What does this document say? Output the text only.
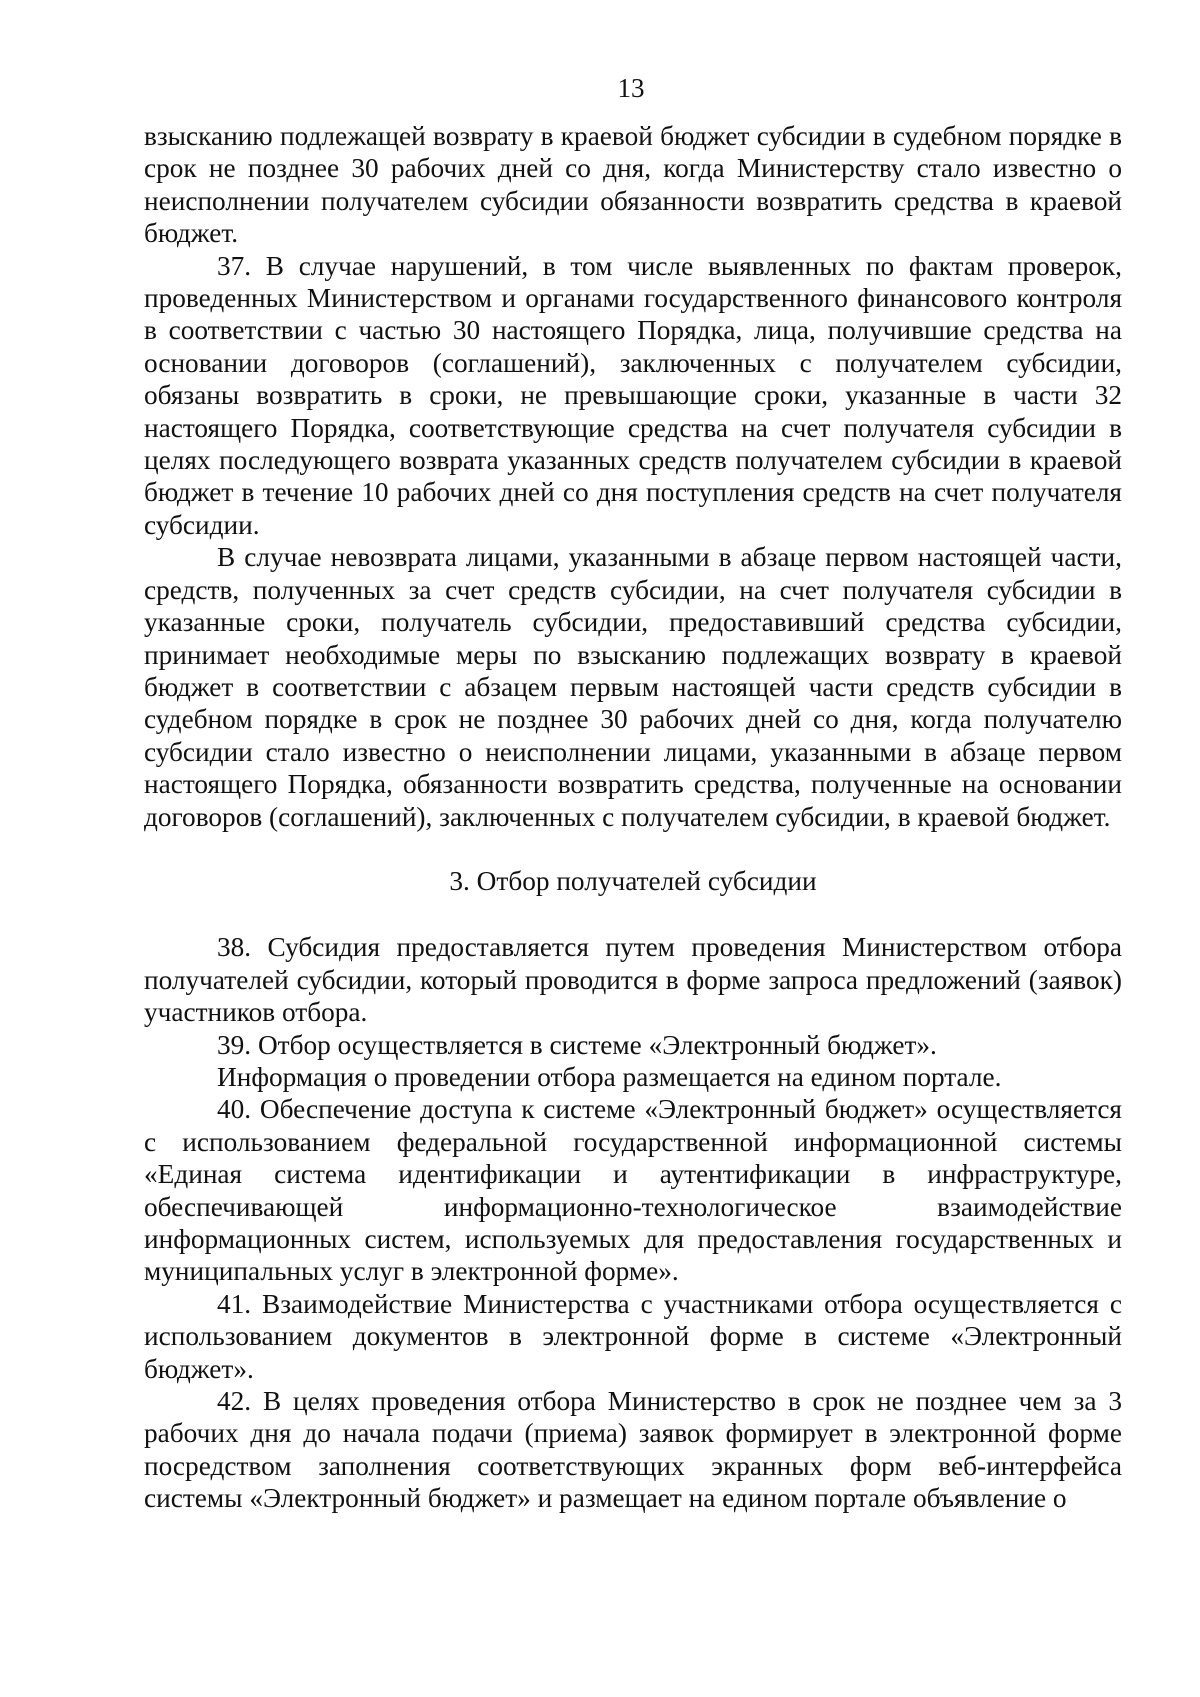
13

взысканию подлежащей возврату в краевой бюджет субсидии в судебном порядке в срок не позднее 30 рабочих дней со дня, когда Министерству стало известно о неисполнении получателем субсидии обязанности возвратить средства в краевой бюджет.

37. В случае нарушений, в том числе выявленных по фактам проверок, проведенных Министерством и органами государственного финансового контроля в соответствии с частью 30 настоящего Порядка, лица, получившие средства на основании договоров (соглашений), заключенных с получателем субсидии, обязаны возвратить в сроки, не превышающие сроки, указанные в части 32 настоящего Порядка, соответствующие средства на счет получателя субсидии в целях последующего возврата указанных средств получателем субсидии в краевой бюджет в течение 10 рабочих дней со дня поступления средств на счет получателя субсидии.

В случае невозврата лицами, указанными в абзаце первом настоящей части, средств, полученных за счет средств субсидии, на счет получателя субсидии в указанные сроки, получатель субсидии, предоставивший средства субсидии, принимает необходимые меры по взысканию подлежащих возврату в краевой бюджет в соответствии с абзацем первым настоящей части средств субсидии в судебном порядке в срок не позднее 30 рабочих дней со дня, когда получателю субсидии стало известно о неисполнении лицами, указанными в абзаце первом настоящего Порядка, обязанности возвратить средства, полученные на основании договоров (соглашений), заключенных с получателем субсидии, в краевой бюджет.

3. Отбор получателей субсидии

38. Субсидия предоставляется путем проведения Министерством отбора получателей субсидии, который проводится в форме запроса предложений (заявок) участников отбора.

39. Отбор осуществляется в системе «Электронный бюджет».

Информация о проведении отбора размещается на едином портале.

40. Обеспечение доступа к системе «Электронный бюджет» осуществляется с использованием федеральной государственной информационной системы «Единая система идентификации и аутентификации в инфраструктуре, обеспечивающей информационно-технологическое взаимодействие информационных систем, используемых для предоставления государственных и муниципальных услуг в электронной форме».

41. Взаимодействие Министерства с участниками отбора осуществляется с использованием документов в электронной форме в системе «Электронный бюджет».

42. В целях проведения отбора Министерство в срок не позднее чем за 3 рабочих дня до начала подачи (приема) заявок формирует в электронной форме посредством заполнения соответствующих экранных форм веб-интерфейса системы «Электронный бюджет» и размещает на едином портале объявление о
